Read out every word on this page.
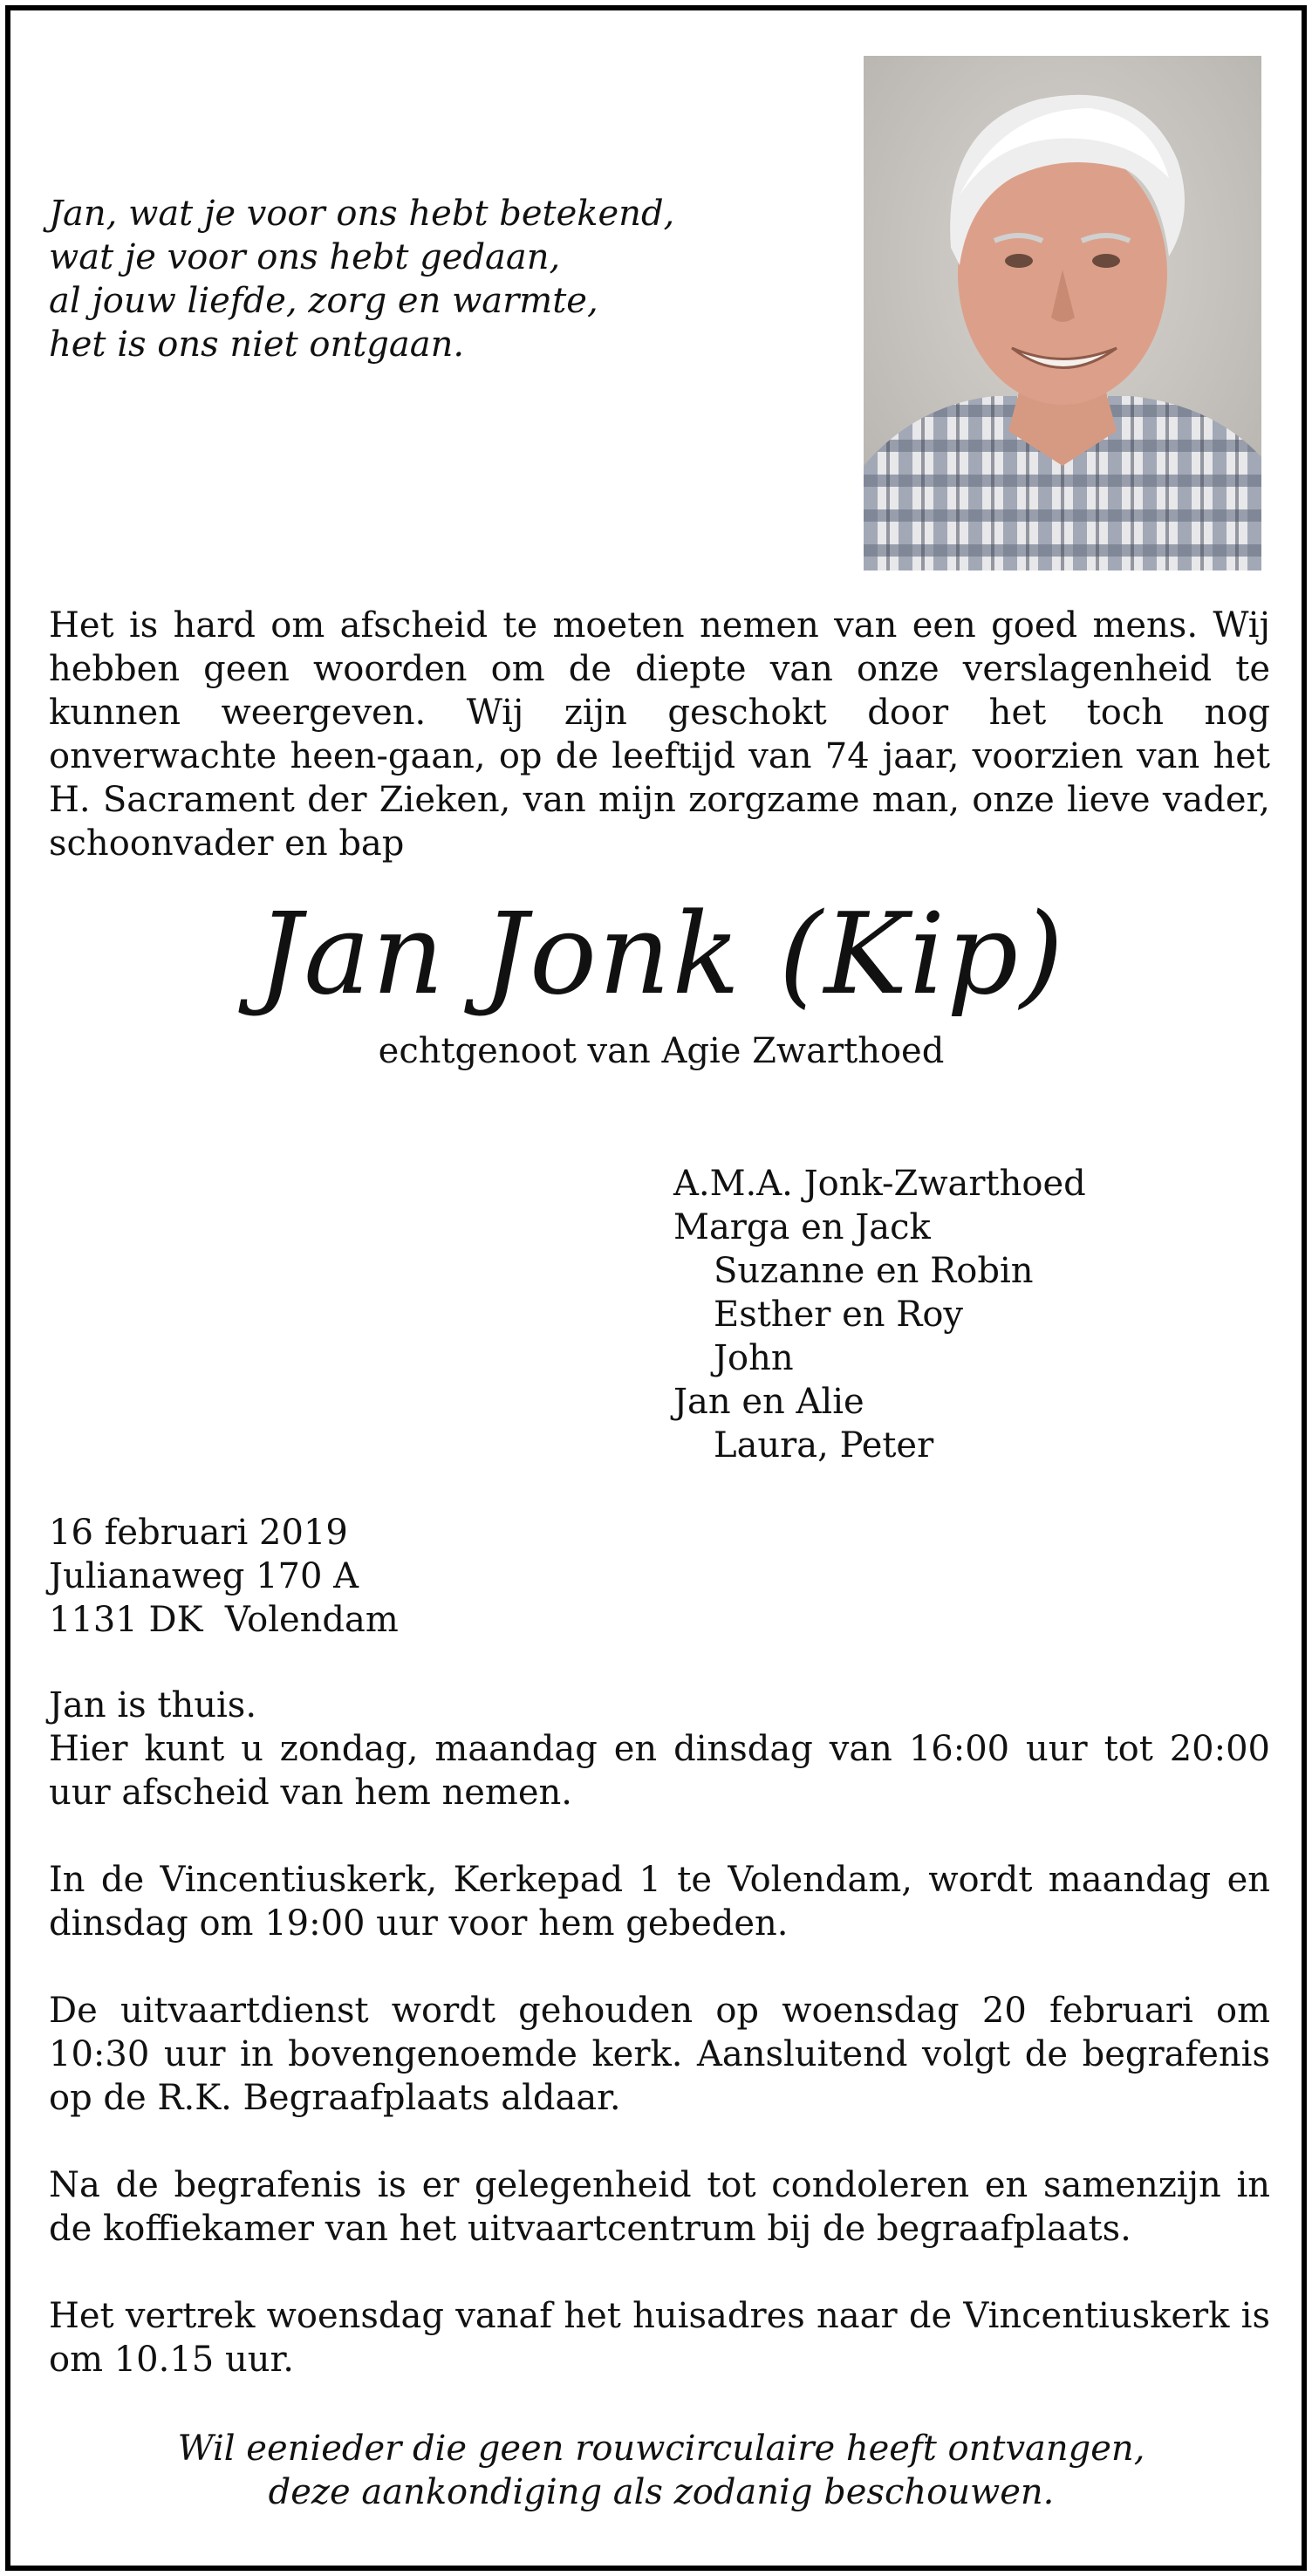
Jan, wat je voor ons hebt betekend,
wat je voor ons hebt gedaan,
al jouw liefde, zorg en warmte,
het is ons niet ontgaan.
Het is hard om afscheid te moeten nemen van een goed mens. Wij hebben geen woorden om de diepte van onze verslagenheid te kunnen weergeven. Wij zijn geschokt door het toch nog onverwachte heen-gaan, op de leeftijd van 74 jaar, voorzien van het H. Sacrament der Zieken, van mijn zorgzame man, onze lieve vader, schoonvader en bap
Jan Jonk (Kip)
echtgenoot van Agie Zwarthoed
A.M.A. Jonk-Zwarthoed
Marga en Jack
Suzanne en Robin
Esther en Roy
John
Jan en Alie
Laura, Peter
16 februari 2019
Julianaweg 170 A
1131 DK  Volendam

Jan is thuis.
Hier kunt u zondag, maandag en dinsdag van 16:00 uur tot 20:00 uur afscheid van hem nemen.

In de Vincentiuskerk, Kerkepad 1 te Volendam, wordt maandag en dinsdag om 19:00 uur voor hem gebeden.

De uitvaartdienst wordt gehouden op woensdag 20 februari om 10:30 uur in bovengenoemde kerk. Aansluitend volgt de begrafenis op de R.K. Begraafplaats aldaar.

Na de begrafenis is er gelegenheid tot condoleren en samenzijn in de koffiekamer van het uitvaartcentrum bij de begraafplaats.

Het vertrek woensdag vanaf het huisadres naar de Vincentiuskerk is om 10.15 uur.

Wil eenieder die geen rouwcirculaire heeft ontvangen,
deze aankondiging als zodanig beschouwen.
